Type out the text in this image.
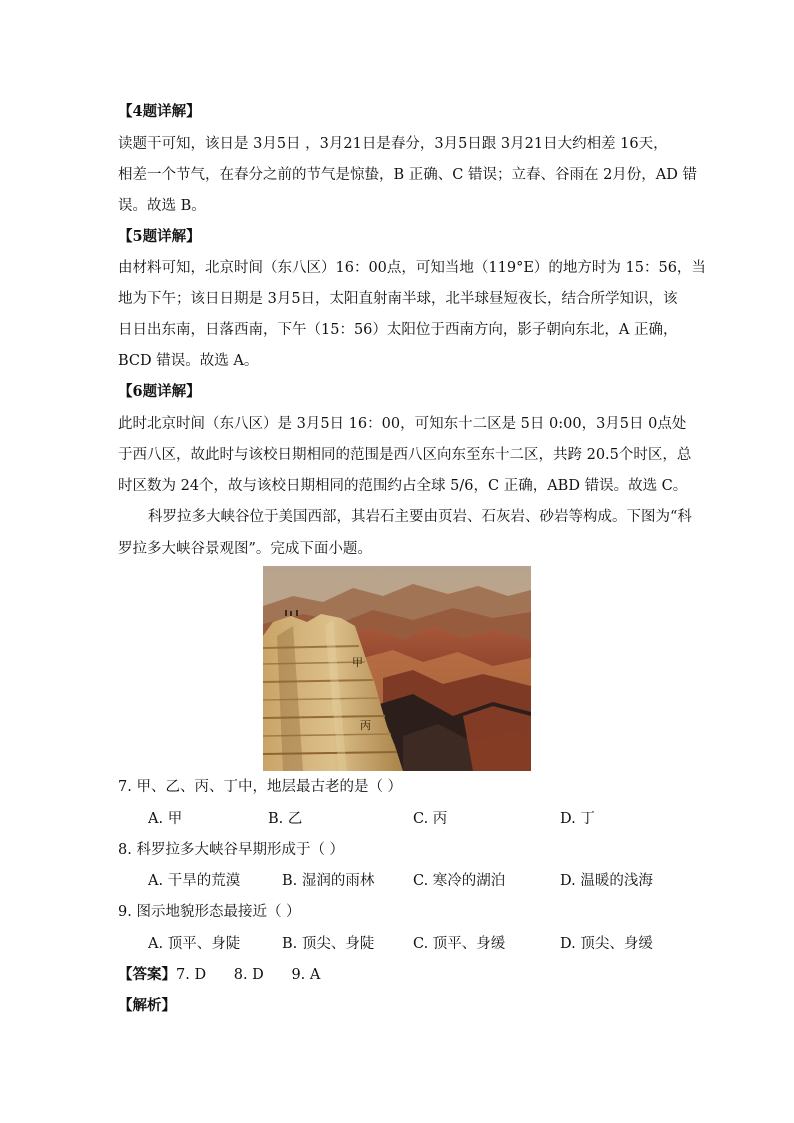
【4题详解】
读题干可知，该日是 3月5日 ，3月21日是春分，3月5日跟 3月21日大约相差 16天，
相差一个节气，在春分之前的节气是惊蛰，B 正确、C 错误；立春、谷雨在 2月份，AD 错
误。故选 B。
【5题详解】
由材料可知，北京时间（东八区）16：00点，可知当地（119°E）的地方时为 15：56，当
地为下午；该日日期是 3月5日，太阳直射南半球，北半球昼短夜长，结合所学知识，该
日日出东南，日落西南，下午（15：56）太阳位于西南方向，影子朝向东北，A 正确，
BCD 错误。故选 A。
【6题详解】
此时北京时间（东八区）是 3月5日 16：00，可知东十二区是 5日 0:00，3月5日 0点处
于西八区，故此时与该校日期相同的范围是西八区向东至东十二区，共跨 20.5个时区，总
时区数为 24个，故与该校日期相同的范围约占全球 5/6，C 正确，ABD 错误。故选 C。
科罗拉多大峡谷位于美国西部，其岩石主要由页岩、石灰岩、砂岩等构成。下图为“科
罗拉多大峡谷景观图”。完成下面小题。
甲
丙
7. 甲、乙、丙、丁中，地层最古老的是（ ）
A. 甲	B. 乙	C. 丙	D. 丁
8. 科罗拉多大峡谷早期形成于（ ）
A. 干旱的荒漠	B. 湿润的雨林	C. 寒冷的湖泊	D. 温暖的浅海
9. 图示地貌形态最接近（ ）
A. 顶平、身陡	B. 顶尖、身陡	C. 顶平、身缓	D. 顶尖、身缓
【答案】7. D      8. D      9. A
【解析】
